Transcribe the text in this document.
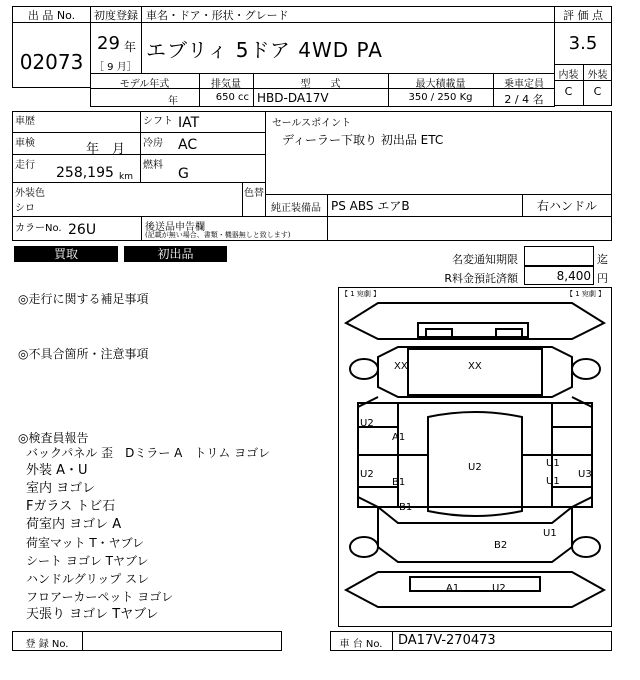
出 品 No.
02073
初度登録
29 年
［ 9 月］
車名・ドア・形状・グレード
エブリィ 5ドア 4WD PA
評 価 点
3.5
内装 外装
C	C
モデル年式	排気量	型　　式	最大積載量	乗車定員
年	650 cc HBD-DA17V	350 / 250 Kg	2 / 4 名
車歴
車検	年　月
走行 258,195 km
シフト IAT
冷房 AC
燃料
G
セールスポイント
ディーラー下取り 初出品 ETC
外装色
シロ
色替
純正装備品 PS ABS エアB	右ハンドル
カラーNo. 26U	後送品申告欄
(記載が無い場合、書類・機器無しと致します)
買取	初出品	名変通知期限	迄
R料金預託済額	8,400 円
◎走行に関する補足事項
◎不具合箇所・注意事項
◎検査員報告
バックパネル 歪　Dミラー A　トリム ヨゴレ
外装 A・U
室内 ヨゴレ
Fガラス トビ石
荷室内 ヨゴレ A
荷室マット T・ヤブレ
シート ヨゴレ Tヤブレ
ハンドルグリップ スレ
フロアーカーペット ヨゴレ
天張り ヨゴレ Tヤブレ
【 1 宛劇 】	【 1 宛劇 】
XX	XX
U2
A1
U2
B1
U2	U1
U1
U3
B1
U1
B2
A1	U2
登 録 No.	車 台 No.	DA17V-270473
